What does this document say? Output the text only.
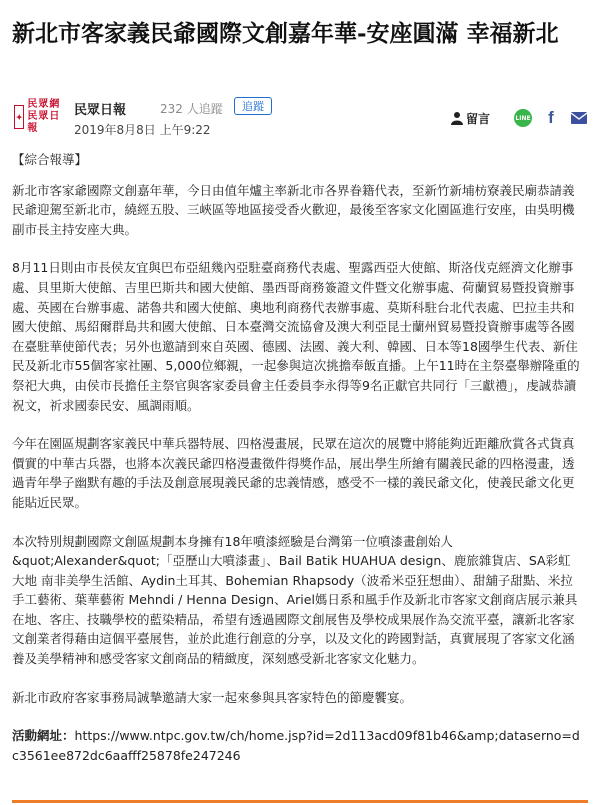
新北市客家義民爺國際文創嘉年華-安座圓滿 幸福新北
✦
民眾網
民眾日報
民眾日報	232 人追蹤	追蹤
2019年8月8日 上午9:22
留言	LINE f

【綜合報導】

新北市客家爺國際文創嘉年華，今日由值年爐主率新北市各界眷籍代表，至新竹新埔枋寮義民廟恭請義民爺迎駕至新北市，繞經五股、三峽區等地區接受香火歡迎，最後至客家文化園區進行安座，由吳明機副市長主持安座大典。

8月11日則由市長侯友宜與巴布亞紐幾內亞駐臺商務代表處、聖露西亞大使館、斯洛伐克經濟文化辦事處、貝里斯大使館、吉里巴斯共和國大使館、墨西哥商務簽證文件暨文化辦事處、荷蘭貿易暨投資辦事處、英國在台辦事處、諾魯共和國大使館、奧地利商務代表辦事處、莫斯科駐台北代表處、巴拉圭共和國大使館、馬紹爾群島共和國大使館、日本臺灣交流協會及澳大利亞昆士蘭州貿易暨投資辦事處等各國在臺駐華使節代表；另外也邀請到來自英國、德國、法國、義大利、韓國、日本等18國學生代表、新住民及新北市55個客家社團、5,000位鄉親，一起參與這次挑擔奉飯直播。上午11時在主祭臺舉辦隆重的祭祀大典，由侯市長擔任主祭官與客家委員會主任委員李永得等9名正獻官共同行「三獻禮」，虔誠恭讀祝文，祈求國泰民安、風調雨順。

今年在園區規劃客家義民中華兵器特展、四格漫畫展，民眾在這次的展覽中將能夠近距離欣賞各式貨真價實的中華古兵器，也將本次義民爺四格漫畫徵件得獎作品，展出學生所繪有關義民爺的四格漫畫，透過青年學子幽默有趣的手法及創意展現義民爺的忠義情感，感受不一樣的義民爺文化，使義民爺文化更能貼近民眾。

本次特別規劃國際文創區規劃本身擁有18年噴漆經驗是台灣第一位噴漆畫創始人&quot;Alexander&quot;「亞歷山大噴漆畫」、Bail Batik HUAHUA design、鹿旅雜貨店、SA彩虹大地 南非美學生活館、Aydin土耳其、Bohemian Rhapsody（波希米亞狂想曲）、甜舖子甜點、米拉手工藝術、葉華藝術 Mehndi / Henna Design、Ariel媽日系和風手作及新北市客家文創商店展示兼具在地、客庄、技職學校的藍染精品，希望有透過國際文創展售及學校成果展作為交流平臺，讓新北客家文創業者得藉由這個平臺展售，並於此進行創意的分享，以及文化的跨國對話，真實展現了客家文化涵養及美學精神和感受客家文創商品的精緻度，深刻感受新北客家文化魅力。

新北市政府客家事務局誠摯邀請大家一起來參與具客家特色的節慶饗宴。

活動網址：https://www.ntpc.gov.tw/ch/home.jsp?id=2d113acd09f81b46&amp;dataserno=dc3561ee872dc6aafff25878fe247246
